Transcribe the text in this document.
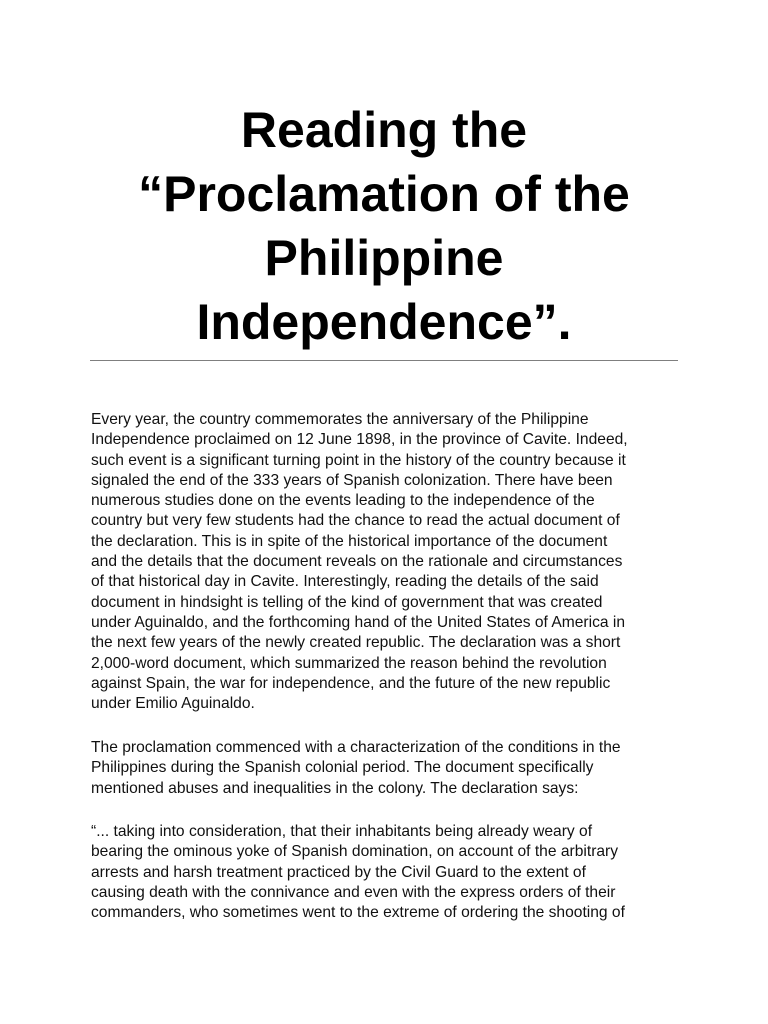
Reading the
“Proclamation of the
Philippine
Independence”.
Every year, the country commemorates the anniversary of the Philippine
Independence proclaimed on 12 June 1898, in the province of Cavite. Indeed,
such event is a significant turning point in the history of the country because it
signaled the end of the 333 years of Spanish colonization. There have been
numerous studies done on the events leading to the independence of the
country but very few students had the chance to read the actual document of
the declaration. This is in spite of the historical importance of the document
and the details that the document reveals on the rationale and circumstances
of that historical day in Cavite. Interestingly, reading the details of the said
document in hindsight is telling of the kind of government that was created
under Aguinaldo, and the forthcoming hand of the United States of America in
the next few years of the newly created republic. The declaration was a short
2,000-word document, which summarized the reason behind the revolution
against Spain, the war for independence, and the future of the new republic
under Emilio Aguinaldo.
The proclamation commenced with a characterization of the conditions in the
Philippines during the Spanish colonial period. The document specifically
mentioned abuses and inequalities in the colony. The declaration says:
“... taking into consideration, that their inhabitants being already weary of
bearing the ominous yoke of Spanish domination, on account of the arbitrary
arrests and harsh treatment practiced by the Civil Guard to the extent of
causing death with the connivance and even with the express orders of their
commanders, who sometimes went to the extreme of ordering the shooting of
